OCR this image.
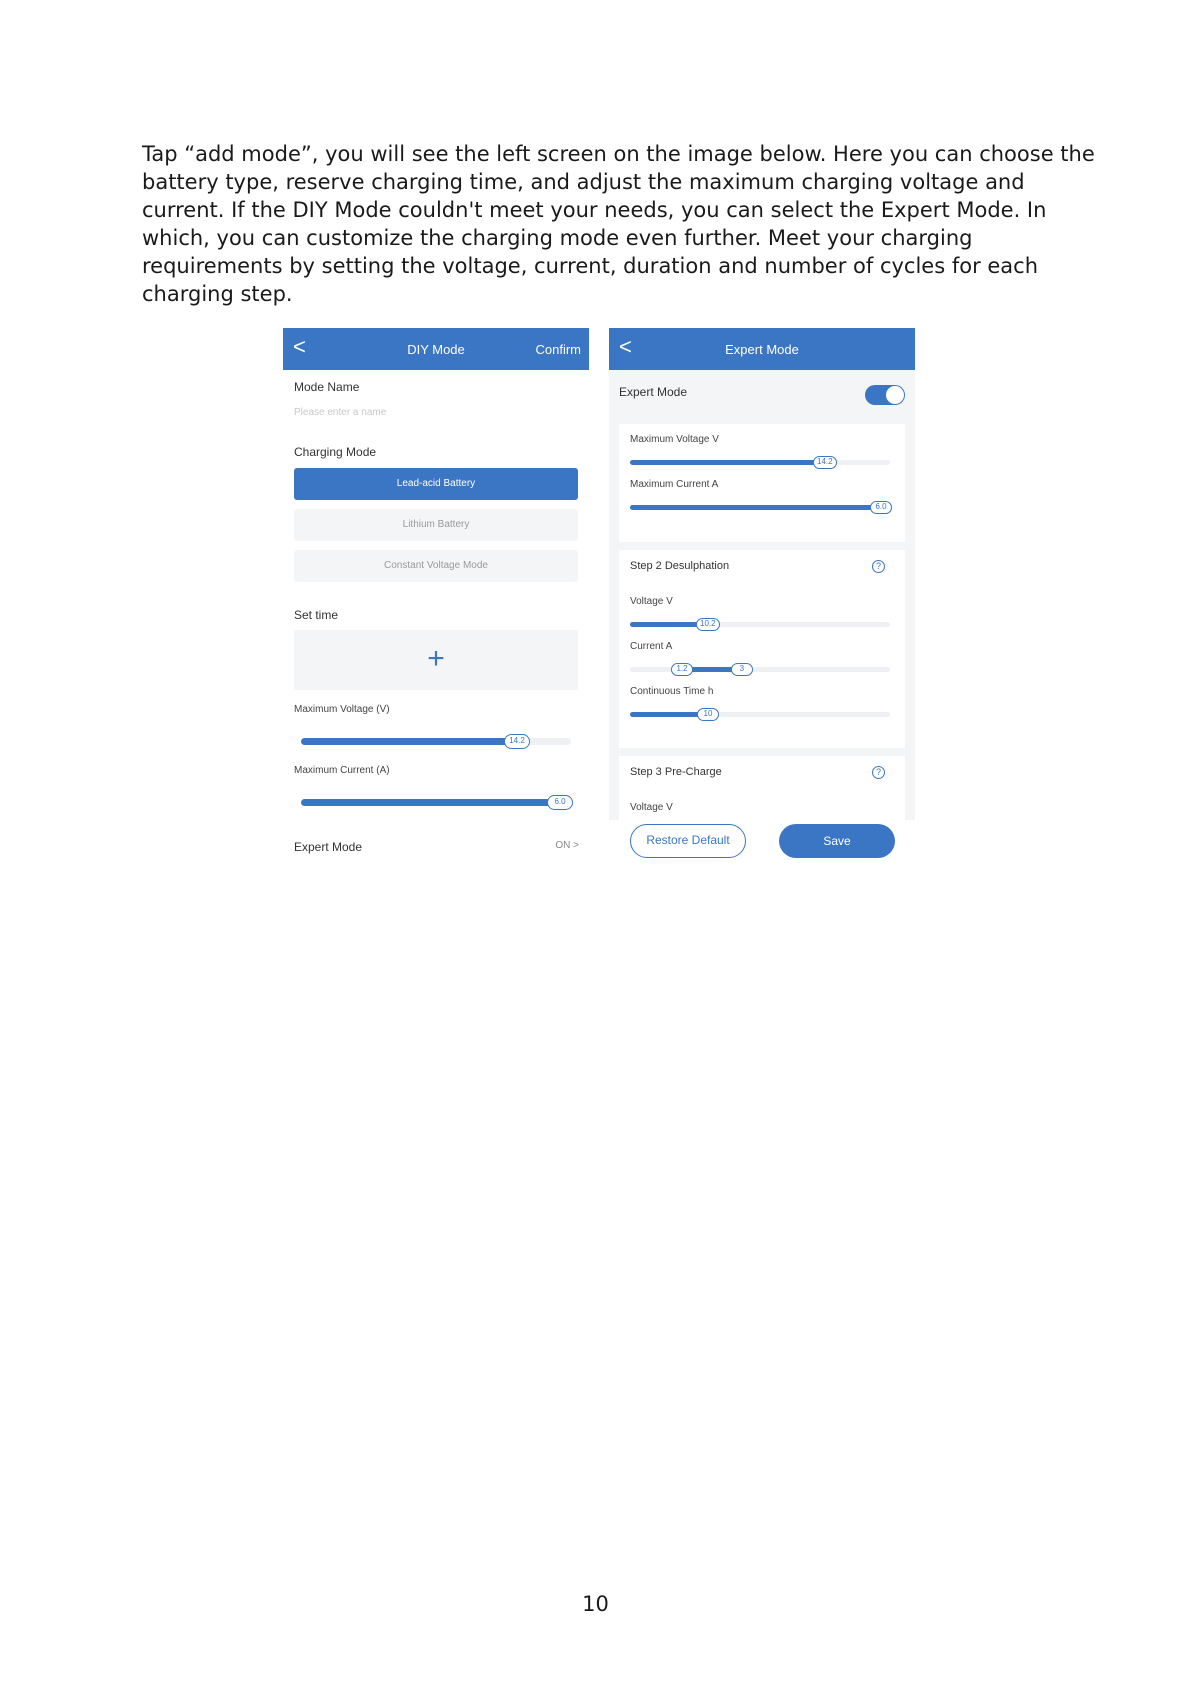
Tap “add mode”, you will see the left screen on the image below. Here you can choose the
battery type, reserve charging time, and adjust the maximum charging voltage and
current. If the DIY Mode couldn't meet your needs, you can select the Expert Mode. In
which, you can customize the charging mode even further. Meet your charging
requirements by setting the voltage, current, duration and number of cycles for each
charging step.
<	DIY Mode	Confirm
Mode Name
Please enter a name
Charging Mode
Lead-acid Battery
Lithium Battery
Constant Voltage Mode
Set time
+
Maximum Voltage (V)
14.2
Maximum Current (A)
6.0
Expert Mode	ON >
<	Expert Mode
Expert Mode
Maximum Voltage V
14.2
Maximum Current A
6.0
Step 2 Desulphation	?
Voltage V
10.2
Current A
1.2	3
Continuous Time h
10
Step 3 Pre-Charge	?
Voltage V
Restore Default	Save
10
